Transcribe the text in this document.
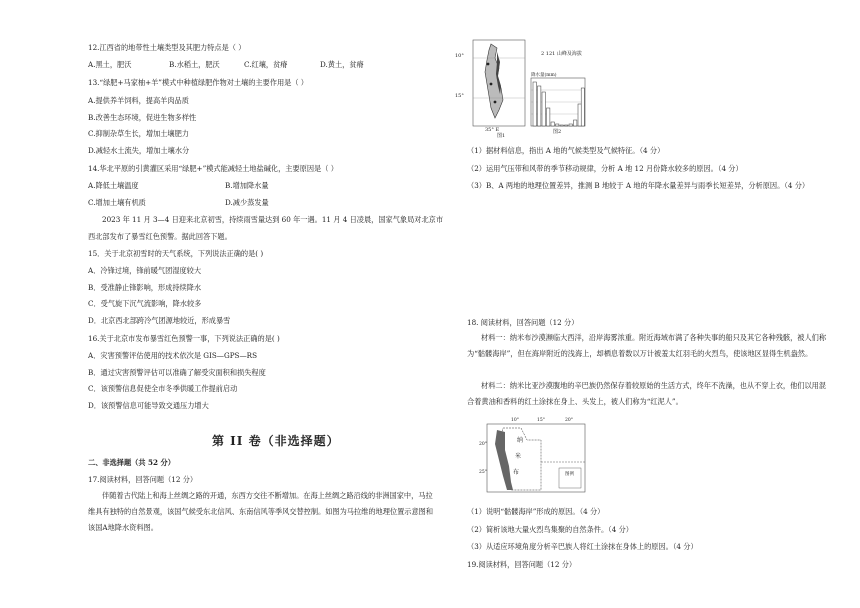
12.江西省的地带性土壤类型及其肥力特点是（ ）
A.黑土，肥沃	B.水稻土，肥沃	C.红壤，贫瘠	D.黄土，贫瘠
13.“绿肥+马家柚+羊”模式中种植绿肥作物对土壤的主要作用是（ ）
A.提供养羊饲料，提高羊肉品质
B.改善生态环境，促进生物多样性
C.抑制杂草生长，增加土壤肥力
D.减轻水土流失，增加土壤水分
14.华北平原的引黄灌区采用“绿肥+”模式能减轻土地盐碱化，主要原因是（ ）
A.降低土壤温度	B.增加降水量
C.增加土壤有机质	D.减少蒸发量
2023 年 11 月 3—4 日迎来北京初雪，持续雨雪量达到 60 年一遇。11 月 4 日凌晨，国家气象局对北京市
西北部发布了暴雪红色预警。据此回答下题。
15．关于北京初雪时的天气系统，下列说法正确的是( )
A．冷锋过境，锋前暖气团湿度较大
B．受准静止锋影响，形成持续降水
C．受气旋下沉气流影响，降水较多
D．北京西北部跨冷气团源地较近，形成暴雪
16.关于北京市发布暴雪红色预警一事，下列说法正确的是( )
A．灾害预警评估使用的技术依次是 GIS—GPS—RS
B．通过灾害预警评估可以准确了解受灾面积和损失程度
C．该预警信息促使全市冬季供暖工作提前启动
D．该预警信息可能导致交通压力增大
第 II 卷（非选择题）
二、非选择题（共 52 分）
17.阅读材料，回答问题（12 分）
伴随着古代陆上和海上丝绸之路的开通，东西方交往不断增加。在海上丝绸之路沿线的非洲国家中，马拉维具有独特的自然景观，该国气候受东北信风、东南信风等季风交替控制。如图为马拉维的地理位置示意图和该国A地降水资料图。
10°
15°
35° E
图1
2 121 山峰及海拔
降水量(mm)
图2
（1）据材料信息，指出 A 地的气候类型及气候特征。（4 分）
（2）运用气压带和风带的季节移动规律，分析 A 地 12 月份降水较多的原因。（4 分）
（3）B、A 两地的地理位置差异，推测 B 地较于 A 地的年降水量差异与雨季长短差异，分析原因。（4 分）
18. 阅读材料，回答问题（12 分）
材料一：纳米布沙漠濒临大西洋，沿岸海雾浓重。附近海域布满了各种失事的船只及其它各种残骸，被人们称为“骷髅海岸”，但在海岸附近的浅海上，却栖息着数以万计被羞太红羽毛的火烈鸟，使该地区显得生机盎然。
材料二：纳米比亚沙漠腹地的辛巴族仍然保存着较原始的生活方式，终年不洗澡，也从不穿上衣，他们以用混合着黄油和香料的红土涂抹在身上、头发上，被人们称为“红泥人”。
10°	15°	20°
20°
25°
纳
米
布	图例
（1）说明“骷髅海岸”形成的原因。（4 分）
（2）简析该地大量火烈鸟集聚的自然条件。（4 分）
（3）从适应环境角度分析辛巴族人将红土涂抹在身体上的原因。（4 分）
19.阅读材料，回答问题（12 分）
